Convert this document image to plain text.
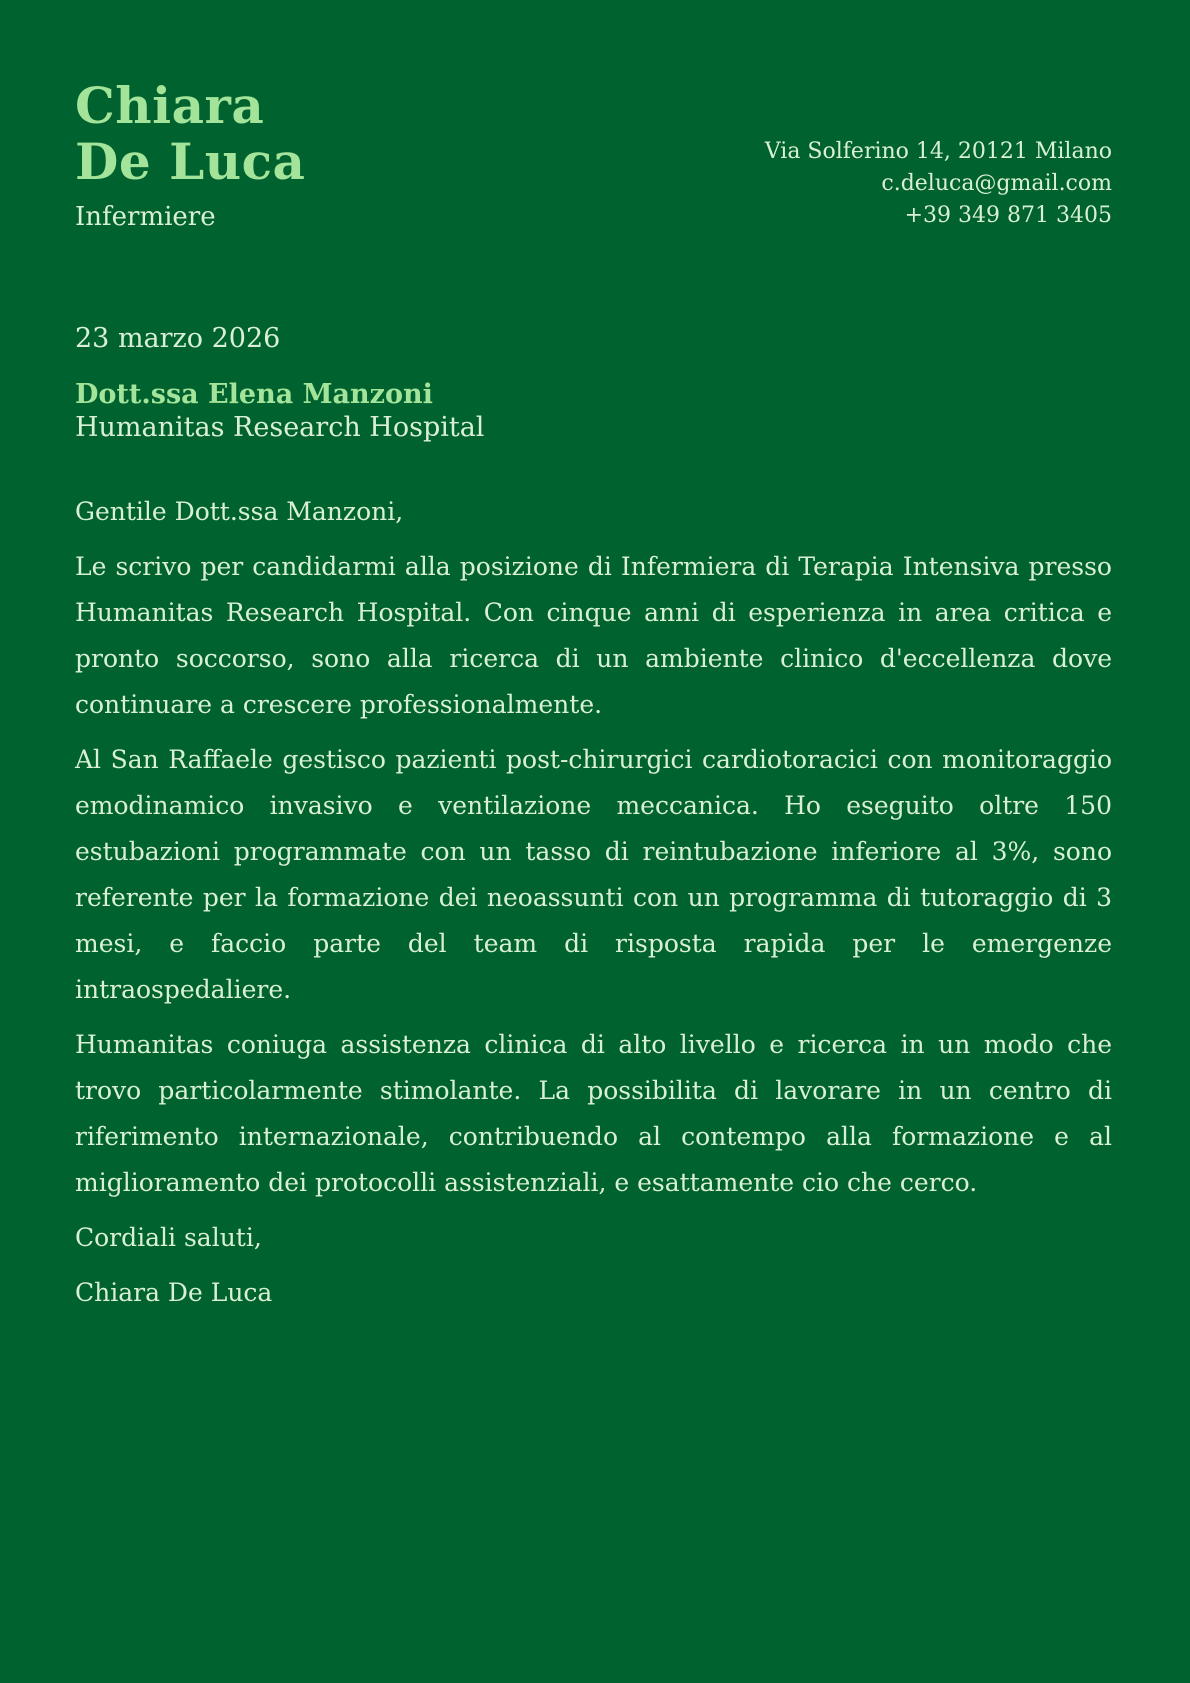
Chiara
De Luca
Infermiere
Via Solferino 14, 20121 Milano
c.deluca@gmail.com
+39 349 871 3405
23 marzo 2026
Dott.ssa Elena Manzoni
Humanitas Research Hospital

Gentile Dott.ssa Manzoni,

Le scrivo per candidarmi alla posizione di Infermiera di Terapia Intensiva presso Humanitas Research Hospital. Con cinque anni di esperienza in area critica e pronto soccorso, sono alla ricerca di un ambiente clinico d'eccellenza dove continuare a crescere professionalmente.

Al San Raffaele gestisco pazienti post-chirurgici cardiotoracici con monitoraggio emodinamico invasivo e ventilazione meccanica. Ho eseguito oltre 150 estubazioni programmate con un tasso di reintubazione inferiore al 3%, sono referente per la formazione dei neoassunti con un programma di tutoraggio di 3 mesi, e faccio parte del team di risposta rapida per le emergenze intraospedaliere.

Humanitas coniuga assistenza clinica di alto livello e ricerca in un modo che trovo particolarmente stimolante. La possibilita di lavorare in un centro di riferimento internazionale, contribuendo al contempo alla formazione e al miglioramento dei protocolli assistenziali, e esattamente cio che cerco.

Cordiali saluti,

Chiara De Luca
